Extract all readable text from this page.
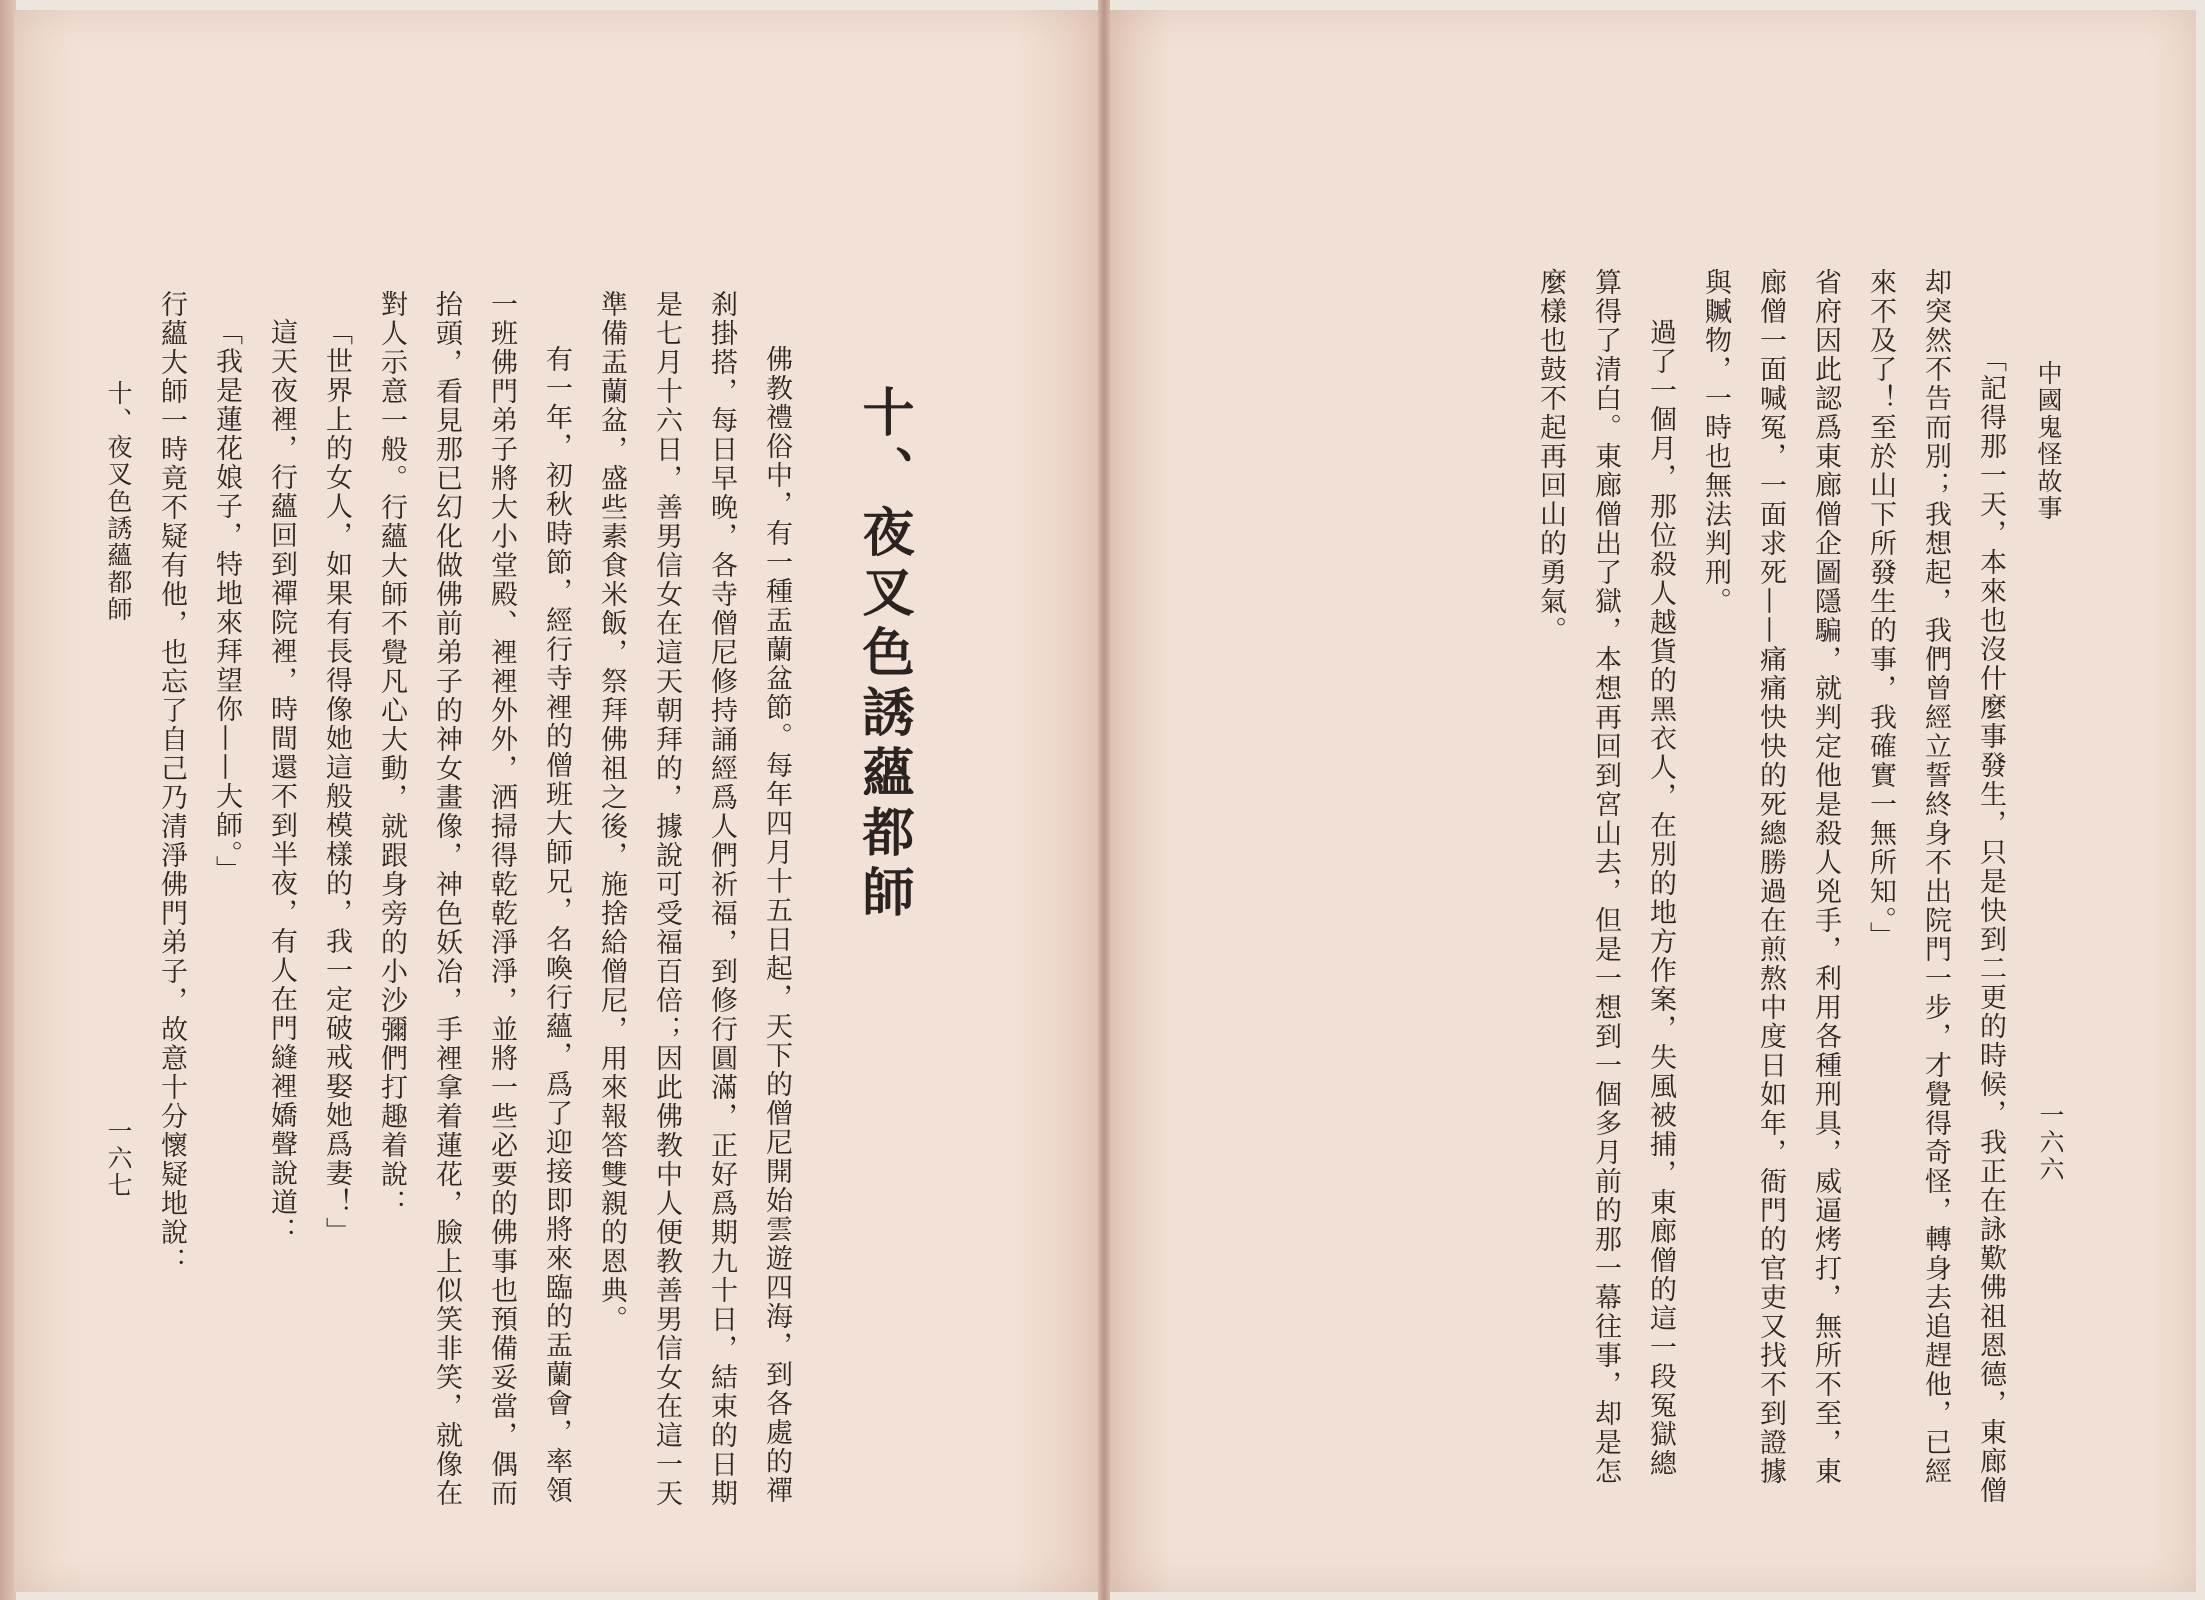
中國鬼怪故事
一六六
「記得那一天，本來也沒什麼事發生，只是快到二更的時候，我正在詠歎佛祖恩德，東廊僧
却突然不告而別；我想起，我們曾經立誓終身不出院門一步，才覺得奇怪，轉身去追趕他，已經
來不及了！至於山下所發生的事，我確實一無所知。」
省府因此認爲東廊僧企圖隱騙，就判定他是殺人兇手，利用各種刑具，威逼烤打，無所不至，東
廊僧一面喊冤，一面求死——痛痛快快的死總勝過在煎熬中度日如年，衙門的官吏又找不到證據
與贓物，一時也無法判刑。
過了一個月，那位殺人越貨的黑衣人，在別的地方作案，失風被捕，東廊僧的這一段冤獄總
算得了清白。東廊僧出了獄，本想再回到宮山去，但是一想到一個多月前的那一幕往事，却是怎
麼樣也鼓不起再回山的勇氣。
十、夜叉色誘蘊都師
佛教禮俗中，有一種盂蘭盆節。每年四月十五日起，天下的僧尼開始雲遊四海，到各處的禪
刹掛搭，每日早晚，各寺僧尼修持誦經爲人們祈福，到修行圓滿，正好爲期九十日，結束的日期
是七月十六日，善男信女在這天朝拜的，據說可受福百倍；因此佛教中人便教善男信女在這一天
準備盂蘭盆，盛些素食米飯，祭拜佛祖之後，施捨給僧尼，用來報答雙親的恩典。
有一年，初秋時節，經行寺裡的僧班大師兄，名喚行蘊，爲了迎接即將來臨的盂蘭會，率領
一班佛門弟子將大小堂殿、裡裡外外，洒掃得乾乾淨淨，並將一些必要的佛事也預備妥當，偶而
抬頭，看見那已幻化做佛前弟子的神女畫像，神色妖冶，手裡拿着蓮花，臉上似笑非笑，就像在
對人示意一般。行蘊大師不覺凡心大動，就跟身旁的小沙彌們打趣着說：
「世界上的女人，如果有長得像她這般模樣的，我一定破戒娶她爲妻！」
這天夜裡，行蘊回到禪院裡，時間還不到半夜，有人在門縫裡嬌聲說道：
「我是蓮花娘子，特地來拜望你——大師。」
行蘊大師一時竟不疑有他，也忘了自己乃清淨佛門弟子，故意十分懷疑地說：
十、夜叉色誘蘊都師
一六七
